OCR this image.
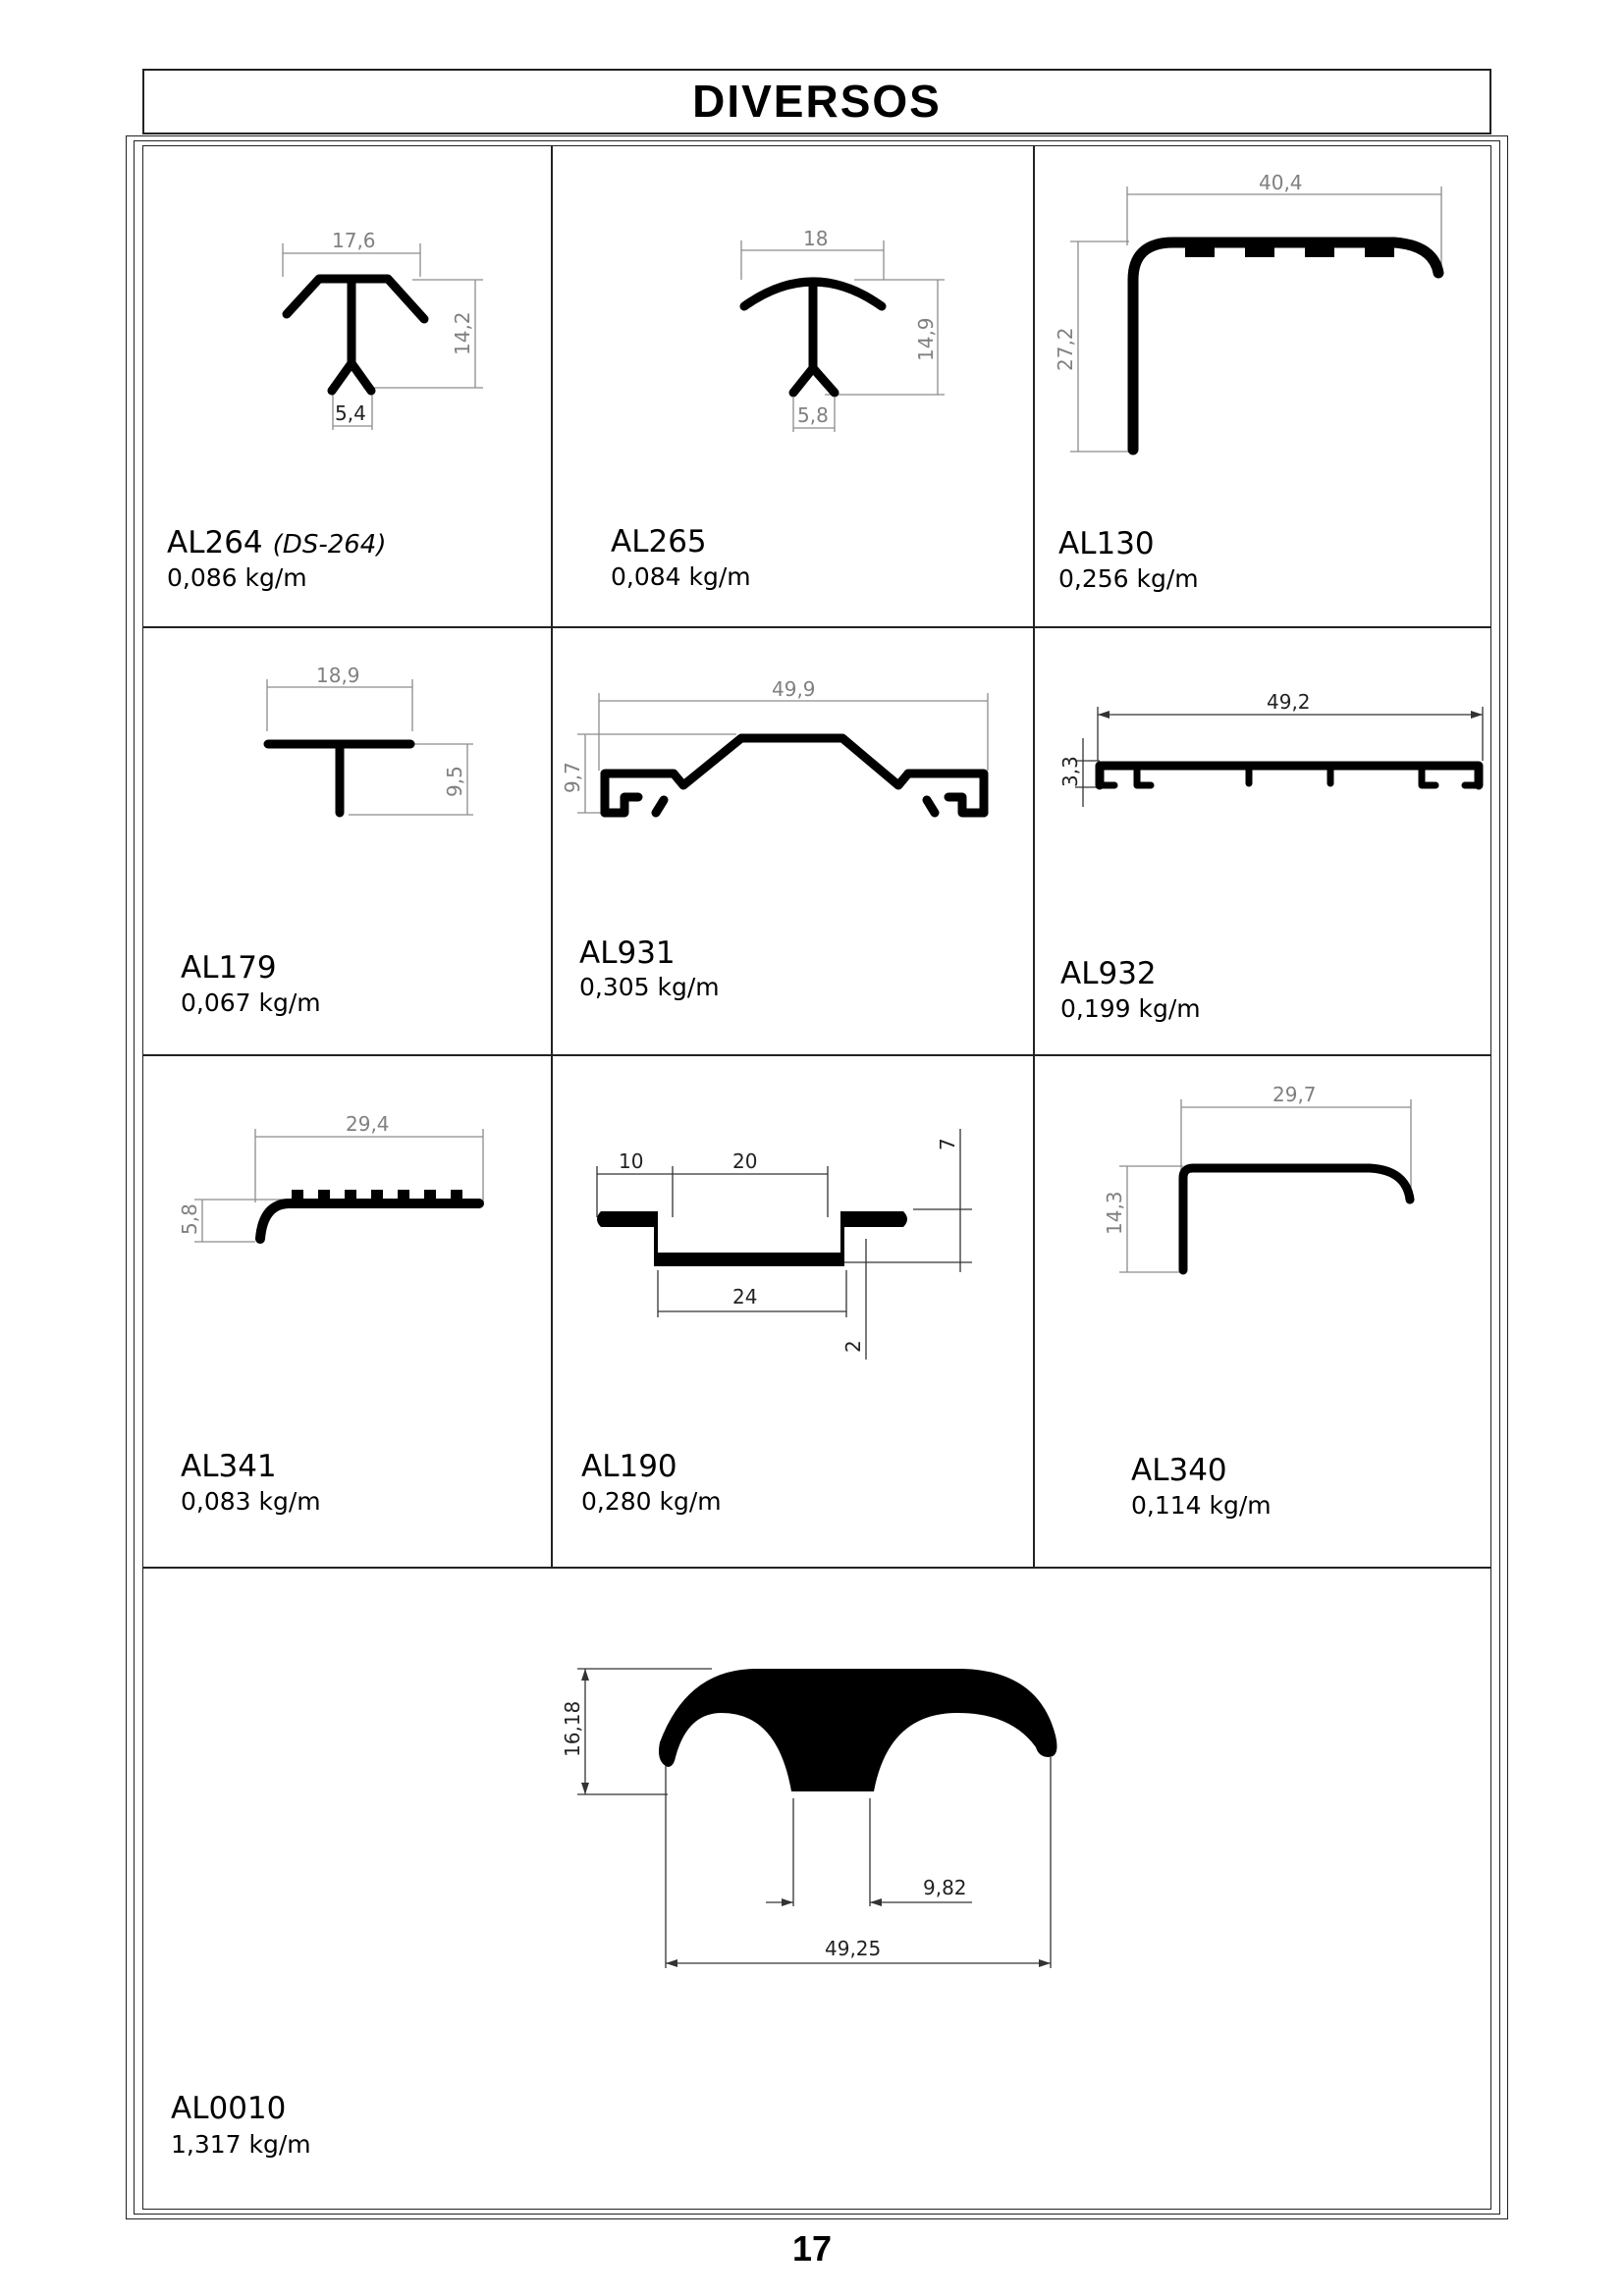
DIVERSOS
17,6
14,2
5,4
AL264 (DS-264)
0,086 kg/m
18
14,9
5,8
AL265
0,084 kg/m
40,4
27,2
AL130
0,256 kg/m
18,9
9,5
AL179
0,067 kg/m
49,9
9,7
AL931
0,305 kg/m
49,2
3,3
AL932
0,199 kg/m
29,4
5,8
AL341
0,083 kg/m
10	20
7
24
2
AL190
0,280 kg/m
29,7
14,3
AL340
0,114 kg/m
16,18
9,82
49,25
AL0010
1,317 kg/m
17
